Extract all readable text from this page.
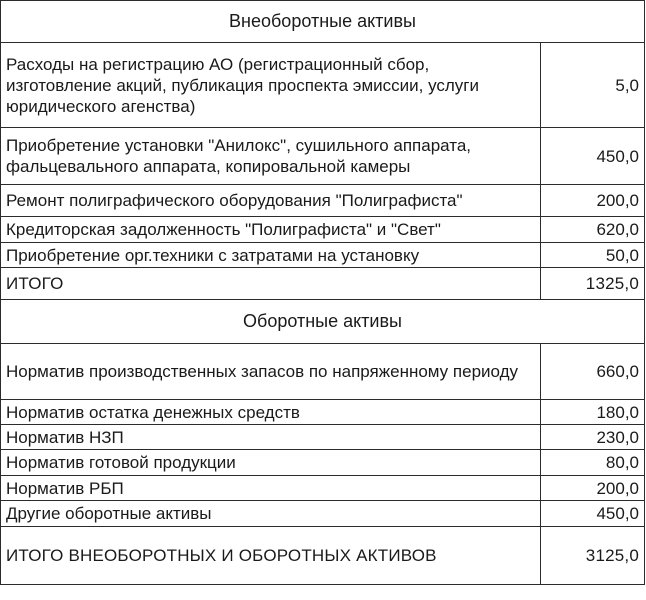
Внеоборотные активы	
Расходы на регистрацию АО (регистрационный сбор, изготовление акций, публикация проспекта эмиссии, услуги юридического агенства)	5,0
Приобретение установки "Анилокс", сушильного аппарата, фальцевального аппарата, копировальной камеры	450,0
Ремонт полиграфического оборудования "Полиграфиста"	200,0
Кредиторская задолженность "Полиграфиста" и "Свет"	620,0
Приобретение орг.техники с затратами на установку	50,0
ИТОГО	1325,0
Оборотные активы	
Норматив производственных запасов по напряженному периоду	660,0
Норматив остатка денежных средств	180,0
Норматив НЗП	230,0
Норматив готовой продукции	80,0
Норматив РБП	200,0
Другие оборотные активы	450,0
ИТОГО ВНЕОБОРОТНЫХ И ОБОРОТНЫХ АКТИВОВ	3125,0
